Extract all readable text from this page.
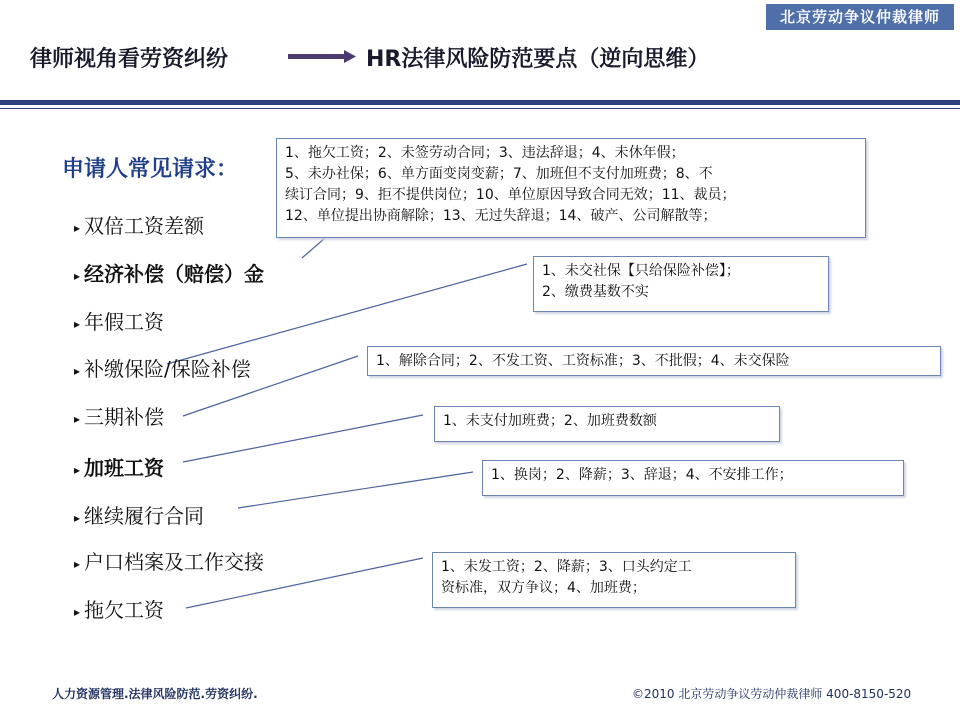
北京劳动争议仲裁律师
律师视角看劳资纠纷	HR法律风险防范要点（逆向思维）
申请人常见请求：
▸ 双倍工资差额
▸ 经济补偿（赔偿）金
▸ 年假工资
▸ 补缴保险/保险补偿
▸ 三期补偿
▸ 加班工资
▸ 继续履行合同
▸ 户口档案及工作交接
▸ 拖欠工资
1、拖欠工资；2、未签劳动合同；3、违法辞退；4、未休年假；
5、未办社保；6、单方面变岗变薪；7、加班但不支付加班费；8、不
续订合同；9、拒不提供岗位；10、单位原因导致合同无效；11、裁员；
12、单位提出协商解除；13、无过失辞退；14、破产、公司解散等；
1、未交社保【只给保险补偿】；
2、缴费基数不实
1、解除合同；2、不发工资、工资标准；3、不批假；4、未交保险
1、未支付加班费；2、加班费数额
1、换岗；2、降薪；3、辞退；4、不安排工作；
1、未发工资；2、降薪；3、口头约定工
资标准，双方争议；4、加班费；
人力资源管理.法律风险防范.劳资纠纷.	©2010 北京劳动争议劳动仲裁律师 400-8150-520
